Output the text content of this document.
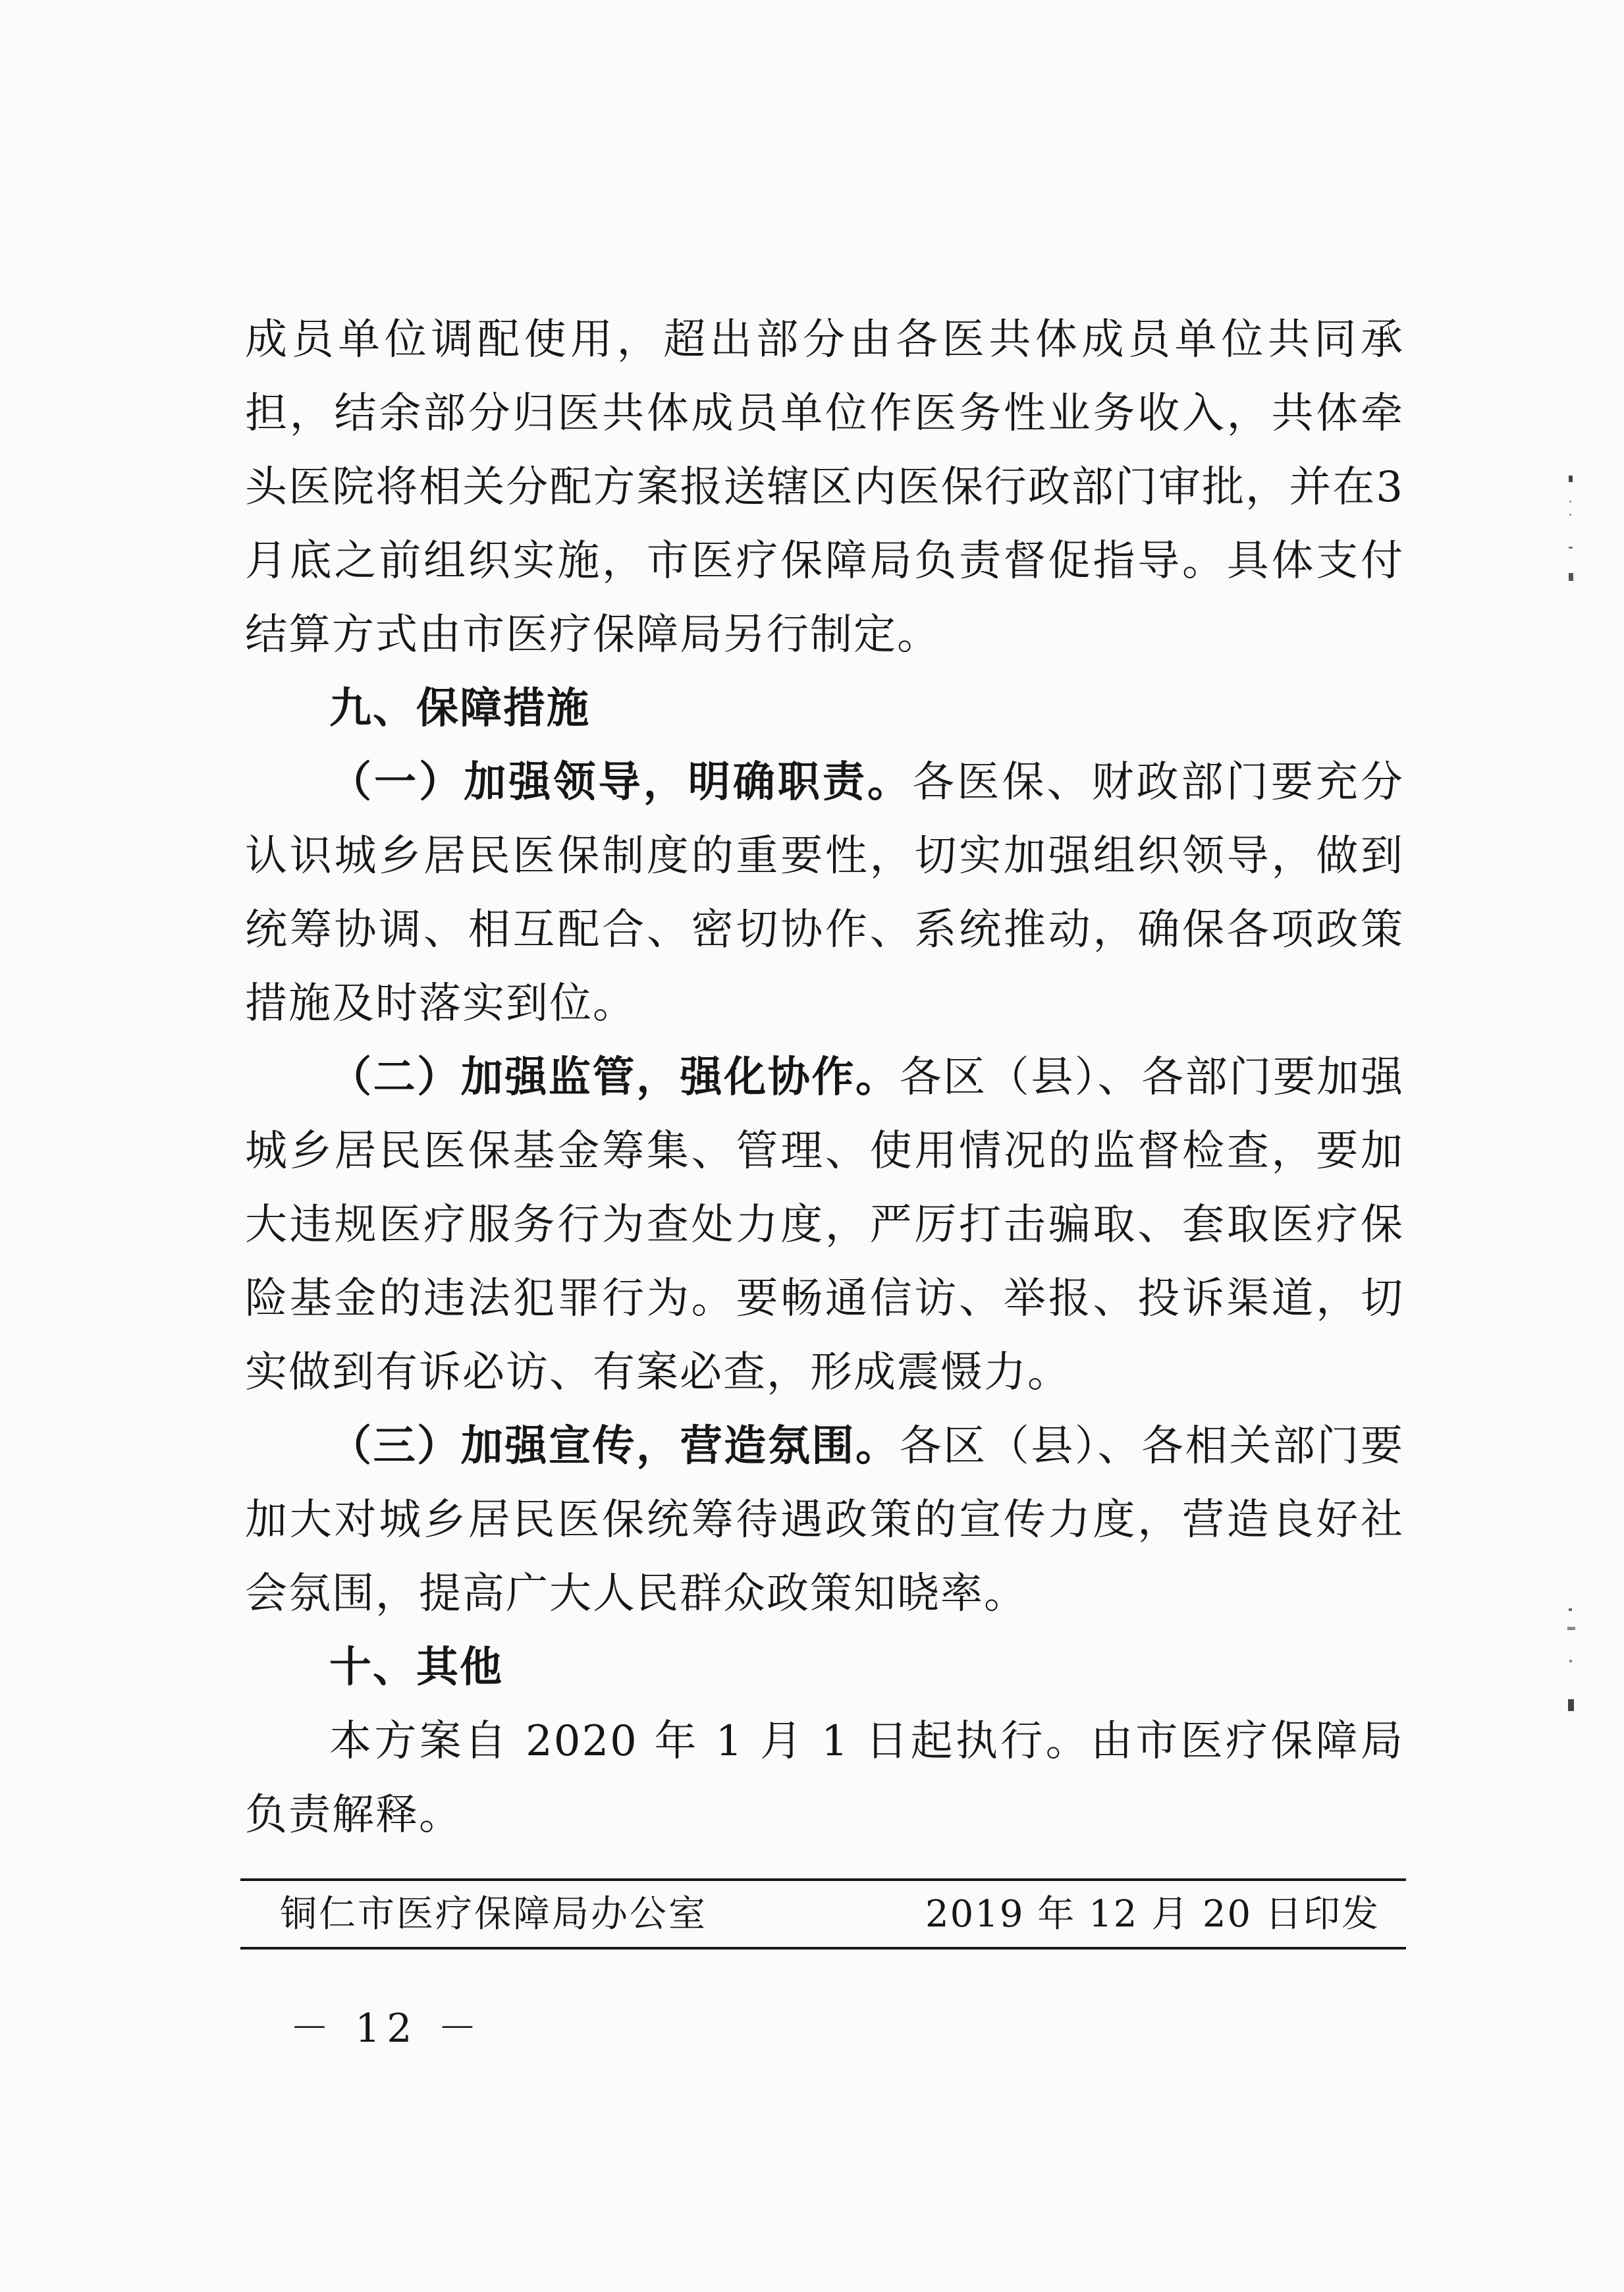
成员单位调配使用，超出部分由各医共体成员单位共同承担，结余部分归医共体成员单位作医务性业务收入，共体牵头医院将相关分配方案报送辖区内医保行政部门审批，并在3月底之前组织实施，市医疗保障局负责督促指导。具体支付结算方式由市医疗保障局另行制定。

九、保障措施

（一）加强领导，明确职责。各医保、财政部门要充分认识城乡居民医保制度的重要性，切实加强组织领导，做到统筹协调、相互配合、密切协作、系统推动，确保各项政策措施及时落实到位。

（二）加强监管，强化协作。各区（县）、各部门要加强城乡居民医保基金筹集、管理、使用情况的监督检查，要加大违规医疗服务行为查处力度，严厉打击骗取、套取医疗保险基金的违法犯罪行为。要畅通信访、举报、投诉渠道，切实做到有诉必访、有案必查，形成震慑力。

（三）加强宣传，营造氛围。各区（县）、各相关部门要加大对城乡居民医保统筹待遇政策的宣传力度，营造良好社会氛围，提高广大人民群众政策知晓率。

十、其他

本方案自 2020 年 1 月 1 日起执行。由市医疗保障局负责解释。

铜仁市医疗保障局办公室	2019 年 12 月 20 日印发
－ 12 －
